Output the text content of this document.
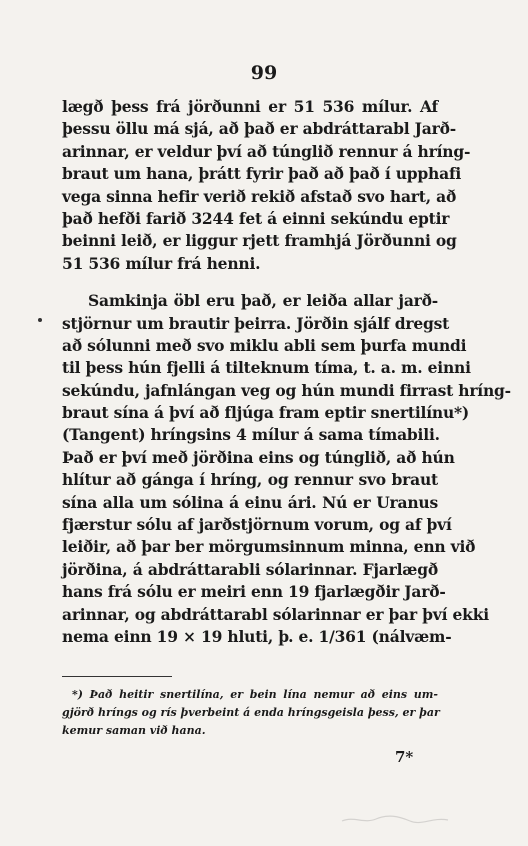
99
lægð þess frá jörðunni er 51 536 mílur. Af
þessu öllu má sjá, að það er abdráttarabl Jarð-
arinnar, er veldur því að túnglið rennur á hríng-
braut um hana, þrátt fyrir það að það í upphafi
vega sinna hefir verið rekið afstað svo hart, að
það hefði farið 3244 fet á einni sekúndu eptir
beinni leið, er liggur rjett framhjá Jörðunni og
51 536 mílur frá henni.
Samkinja öbl eru það, er leiða allar jarð-
stjörnur um brautir þeirra. Jörðin sjálf dregst
að sólunni með svo miklu abli sem þurfa mundi
til þess hún fjelli á tilteknum tíma, t. a. m. einni
sekúndu, jafnlángan veg og hún mundi firrast hríng-
braut sína á því að fljúga fram eptir snertilínu*)
(Tangent) hríngsins 4 mílur á sama tímabili.
Það er því með jörðina eins og túnglið, að hún
hlítur að gánga í hríng, og rennur svo braut
sína alla um sólina á einu ári. Nú er Uranus
fjærstur sólu af jarðstjörnum vorum, og af því
leiðir, að þar ber mörgumsinnum minna, enn við
jörðina, á abdráttarabli sólarinnar. Fjarlægð
hans frá sólu er meiri enn 19 fjarlægðir Jarð-
arinnar, og abdráttarabl sólarinnar er þar því ekki
nema einn 19 × 19 hluti, þ. e. 1/361 (nálvæm-
*) Það heitir snertilína, er bein lína nemur að eins um-
gjörð hríngs og rís þverbeint á enda hríngsgeisla þess, er þar
kemur saman við hana.
7*
